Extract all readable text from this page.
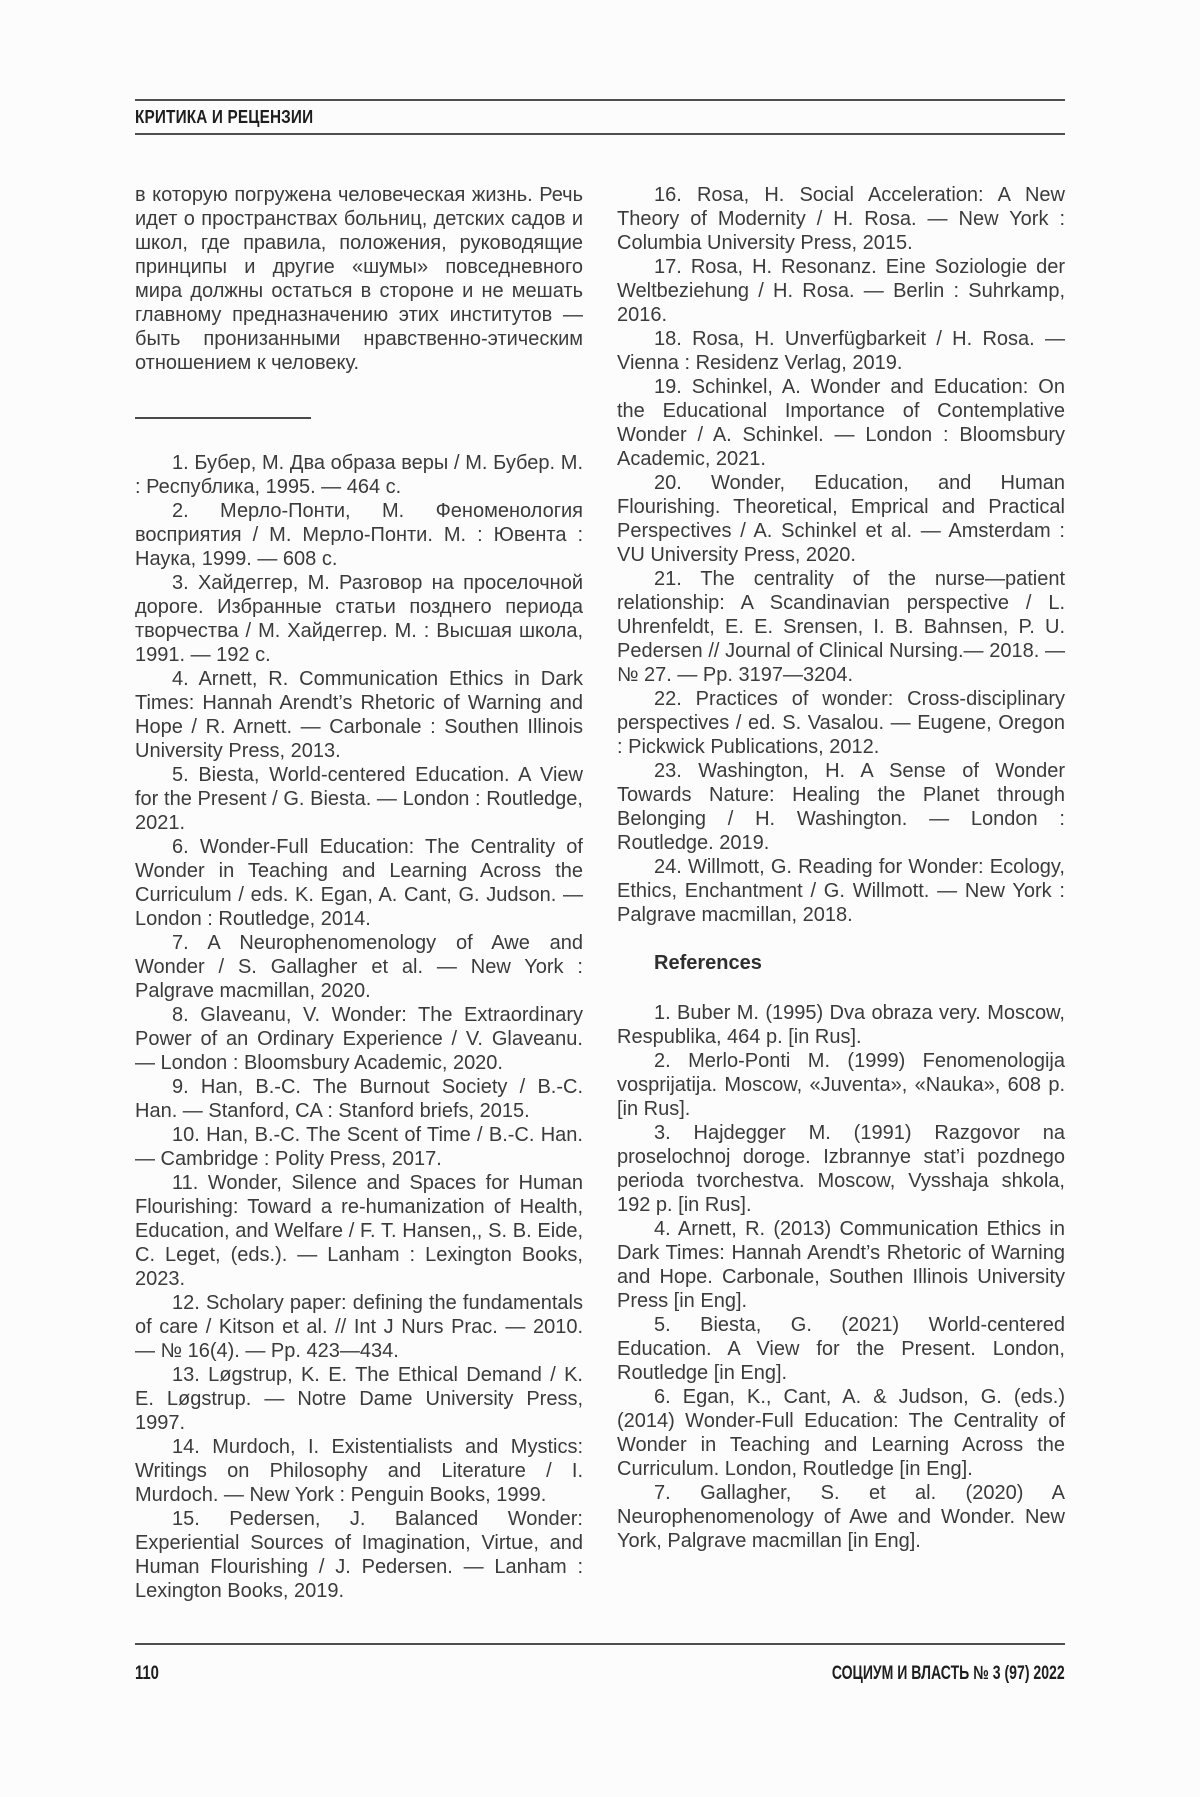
КРИТИКА И РЕЦЕНЗИИ

в которую погружена человеческая жизнь. Речь идет о пространствах больниц, детских садов и школ, где правила, положения, руководящие принципы и другие «шумы» повседневного мира должны остаться в стороне и не мешать главному предназначению этих институтов — быть пронизанными нравственно-этическим отношением к человеку.

1. Бубер, М. Два образа веры / М. Бубер. М. : Республика, 1995. — 464 с.

2. Мерло-Понти, М. Феноменология восприятия / М. Мерло-Понти. М. : Ювента : Наука, 1999. — 608 с.

3. Хайдеггер, М. Разговор на проселочной дороге. Избранные статьи позднего периода творчества / М. Хайдеггер. М. : Высшая школа, 1991. — 192 с.

4. Arnett, R. Communication Ethics in Dark Times: Hannah Arendt’s Rhetoric of Warning and Hope / R. Arnett. — Carbonale : Southen Illinois University Press, 2013.

5. Biesta, World-centered Education. A View for the Present / G. Biesta. — London : Routledge, 2021.

6. Wonder-Full Education: The Centrality of Wonder in Teaching and Learning Across the Curriculum / eds. K. Egan, A. Cant, G. Judson. — London : Routledge, 2014.

7. A Neurophenomenology of Awe and Wonder / S. Gallagher et al. — New York : Palgrave macmillan, 2020.

8. Glaveanu, V. Wonder: The Extraordinary Power of an Ordinary Experience / V. Glaveanu. — London : Bloomsbury Academic, 2020.

9. Han, B.-C. The Burnout Society / B.-C. Han. — Stanford, CA : Stanford briefs, 2015.

10. Han, B.-C. The Scent of Time / B.-C. Han. — Cambridge : Polity Press, 2017.

11. Wonder, Silence and Spaces for Human Flourishing: Toward a re-humanization of Health, Education, and Welfare / F. T. Hansen,, S. B. Eide, C. Leget, (eds.). — Lanham : Lexington Books, 2023.

12. Scholary paper: defining the fundamentals of care / Kitson et al. // Int J Nurs Prac. — 2010. — № 16(4). — Pp. 423—434.

13. Løgstrup, K. E. The Ethical Demand / K. E. Løgstrup. — Notre Dame University Press, 1997.

14. Murdoch, I. Existentialists and Mystics: Writings on Philosophy and Literature / I. Murdoch. — New York : Penguin Books, 1999.

15. Pedersen, J. Balanced Wonder: Experiential Sources of Imagination, Virtue, and Human Flourishing / J. Pedersen. — Lanham : Lexington Books, 2019.

16. Rosa, H. Social Acceleration: A New Theory of Modernity / H. Rosa. — New York : Columbia University Press, 2015.

17. Rosa, H. Resonanz. Eine Soziologie der Weltbeziehung / H. Rosa. — Berlin : Suhrkamp, 2016.

18. Rosa, H. Unverfügbarkeit / H. Rosa. — Vienna : Residenz Verlag, 2019.

19. Schinkel, A. Wonder and Education: On the Educational Importance of Contemplative Wonder / A. Schinkel. — London : Bloomsbury Academic, 2021.

20. Wonder, Education, and Human Flourishing. Theoretical, Emprical and Practical Perspectives / A. Schinkel et al. — Amsterdam : VU University Press, 2020.

21. The centrality of the nurse—patient relationship: A Scandinavian perspective / L. Uhrenfeldt, E. E. Srensen, I. B. Bahnsen, P. U. Pedersen // Journal of Clinical Nursing.— 2018. — № 27. — Pp. 3197—3204.

22. Practices of wonder: Cross-disciplinary perspectives / ed. S. Vasalou. — Eugene, Oregon : Pickwick Publications, 2012.

23. Washington, H. A Sense of Wonder Towards Nature: Healing the Planet through Belonging / H. Washington. — London : Routledge. 2019.

24. Willmott, G. Reading for Wonder: Ecology, Ethics, Enchantment / G. Willmott. — New York : Palgrave macmillan, 2018.

References

1. Buber M. (1995) Dva obraza very. Moscow, Respublika, 464 p. [in Rus].

2. Merlo-Ponti M. (1999) Fenomenologija vosprijatija. Moscow, «Juventa», «Nauka», 608 p. [in Rus].

3. Hajdegger M. (1991) Razgovor na proselochnoj doroge. Izbrannye stat’i pozdnego perioda tvorchestva. Moscow, Vysshaja shkola, 192 p. [in Rus].

4. Arnett, R. (2013) Communication Ethics in Dark Times: Hannah Arendt’s Rhetoric of Warning and Hope. Carbonale, Southen Illinois University Press [in Eng].

5. Biesta, G. (2021) World-centered Education. A View for the Present. London, Routledge [in Eng].

6. Egan, K., Cant, A. & Judson, G. (eds.) (2014) Wonder-Full Education: The Centrality of Wonder in Teaching and Learning Across the Curriculum. London, Routledge [in Eng].

7. Gallagher, S. et al. (2020) A Neurophenomenology of Awe and Wonder. New York, Palgrave macmillan [in Eng].

110	СОЦИУМ И ВЛАСТЬ № 3 (97) 2022
